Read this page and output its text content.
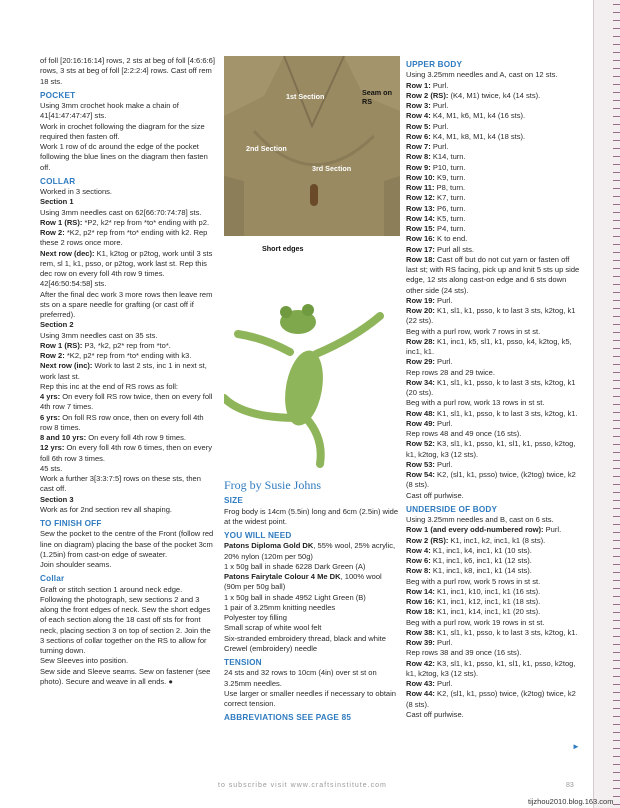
of foll [20:16:16:14] rows, 2 sts at beg of foll [4:6:6:6] rows, 3 sts at beg of foll [2:2:2:4] rows. Cast off rem 18 sts.

POCKET

Using 3mm crochet hook make a chain of 41[41:47:47:47] sts.

Work in crochet following the diagram for the size required then fasten off.

Work 1 row of dc around the edge of the pocket following the blue lines on the diagram then fasten off.

COLLAR

Worked in 3 sections.

Section 1

Using 3mm needles cast on 62[66:70:74:78] sts.

Row 1 (RS): *P2, k2* rep from *to* ending with p2.

Row 2: *K2, p2* rep from *to* ending with k2. Rep these 2 rows once more.

Next row (dec): K1, k2tog or p2tog, work until 3 sts rem, sl 1, k1, psso, or p2tog, work last st. Rep this dec row on every foll 4th row 9 times. 42[46:50:54:58] sts.

After the final dec work 3 more rows then leave rem sts on a spare needle for grafting (or cast off if preferred).

Section 2

Using 3mm needles cast on 35 sts.

Row 1 (RS): P3, *k2, p2* rep from *to*.

Row 2: *K2, p2* rep from *to* ending with k3.

Next row (inc): Work to last 2 sts, inc 1 in next st, work last st.

Rep this inc at the end of RS rows as foll:

4 yrs: On every foll RS row twice, then on every foll 4th row 7 times.

6 yrs: On foll RS row once, then on every foll 4th row 8 times.

8 and 10 yrs: On every foll 4th row 9 times.

12 yrs: On every foll 4th row 6 times, then on every foll 6th row 3 times.

45 sts.

Work a further 3[3:3:7:5] rows on these sts, then cast off.

Section 3

Work as for 2nd section rev all shaping.

TO FINISH OFF

Sew the pocket to the centre of the Front (follow red line on diagram) placing the base of the pocket 3cm (1.25in) from cast-on edge of sweater.

Join shoulder seams.

Collar

Graft or stitch section 1 around neck edge. Following the photograph, sew sections 2 and 3 along the front edges of neck. Sew the short edges of each section along the 18 cast off sts for front neck, placing section 3 on top of section 2. Join the 3 sections of collar together on the RS to allow for turning down.

Sew Sleeves into position.

Sew side and Sleeve seams. Sew on fastener (see photo). Secure and weave in all ends. ●

1st Section
2nd Section
3rd Section
Seam on RS
Short edges
Frog by Susie Johns

SIZE

Frog body is 14cm (5.5in) long and 6cm (2.5in) wide at the widest point.

YOU WILL NEED

Patons Diploma Gold DK, 55% wool, 25% acrylic, 20% nylon (120m per 50g)

1 x 50g ball in shade 6228 Dark Green (A)

Patons Fairytale Colour 4 Me DK, 100% wool (90m per 50g ball)

1 x 50g ball in shade 4952 Light Green (B)

1 pair of 3.25mm knitting needles

Polyester toy filling

Small scrap of white wool felt

Six-stranded embroidery thread, black and white

Crewel (embroidery) needle

TENSION

24 sts and 32 rows to 10cm (4in) over st st on 3.25mm needles.

Use larger or smaller needles if necessary to obtain correct tension.

ABBREVIATIONS SEE PAGE 85

UPPER BODY

Using 3.25mm needles and A, cast on 12 sts.

Row 1: Purl.

Row 2 (RS): (K4, M1) twice, k4 (14 sts).

Row 3: Purl.

Row 4: K4, M1, k6, M1, k4 (16 sts).

Row 5: Purl.

Row 6: K4, M1, k8, M1, k4 (18 sts).

Row 7: Purl.

Row 8: K14, turn.

Row 9: P10, turn.

Row 10: K9, turn.

Row 11: P8, turn.

Row 12: K7, turn.

Row 13: P6, turn.

Row 14: K5, turn.

Row 15: P4, turn.

Row 16: K to end.

Row 17: Purl all sts.

Row 18: Cast off but do not cut yarn or fasten off last st; with RS facing, pick up and knit 5 sts up side edge, 12 sts along cast-on edge and 6 sts down other side (24 sts).

Row 19: Purl.

Row 20: K1, sl1, k1, psso, k to last 3 sts, k2tog, k1 (22 sts).

Beg with a purl row, work 7 rows in st st.

Row 28: K1, inc1, k5, sl1, k1, psso, k4, k2tog, k5, inc1, k1.

Row 29: Purl.

Rep rows 28 and 29 twice.

Row 34: K1, sl1, k1, psso, k to last 3 sts, k2tog, k1 (20 sts).

Beg with a purl row, work 13 rows in st st.

Row 48: K1, sl1, k1, psso, k to last 3 sts, k2tog, k1.

Row 49: Purl.

Rep rows 48 and 49 once (16 sts).

Row 52: K3, sl1, k1, psso, k1, sl1, k1, psso, k2tog, k1, k2tog, k3 (12 sts).

Row 53: Purl.

Row 54: K2, (sl1, k1, psso) twice, (k2tog) twice, k2 (8 sts).

Cast off purlwise.

UNDERSIDE OF BODY

Using 3.25mm needles and B, cast on 6 sts.

Row 1 (and every odd-numbered row): Purl.

Row 2 (RS): K1, inc1, k2, inc1, k1 (8 sts).

Row 4: K1, inc1, k4, inc1, k1 (10 sts).

Row 6: K1, inc1, k6, inc1, k1 (12 sts).

Row 8: K1, inc1, k8, inc1, k1 (14 sts).

Beg with a purl row, work 5 rows in st st.

Row 14: K1, inc1, k10, inc1, k1 (16 sts).

Row 16: K1, inc1, k12, inc1, k1 (18 sts).

Row 18: K1, inc1, k14, inc1, k1 (20 sts).

Beg with a purl row, work 19 rows in st st.

Row 38: K1, sl1, k1, psso, k to last 3 sts, k2tog, k1.

Row 39: Purl.

Rep rows 38 and 39 once (16 sts).

Row 42: K3, sl1, k1, psso, k1, sl1, k1, psso, k2tog, k1, k2tog, k3 (12 sts).

Row 43: Purl.

Row 44: K2, (sl1, k1, psso) twice, (k2tog) twice, k2 (8 sts).

Cast off purlwise.

►
to subscribe visit www.craftsinstitute.com	83
tijzhou2010.blog.163.com
